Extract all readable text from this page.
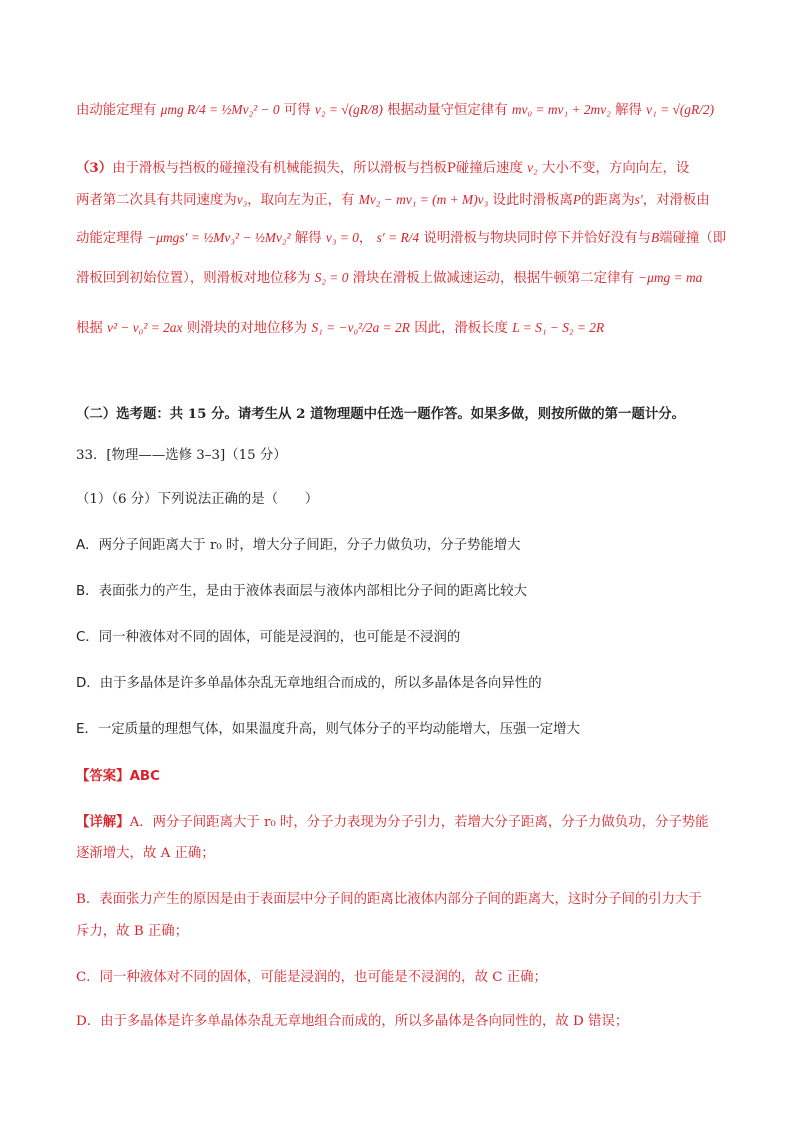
由动能定理有 μmg R/4 = ½Mv₂² − 0 可得 v₂ = √(gR/8) 根据动量守恒定律有 mv₀ = mv₁ + 2mv₂ 解得 v₁ = √(gR/2)
（3）由于滑板与挡板的碰撞没有机械能损失，所以滑板与挡板P碰撞后速度 v₂ 大小不变，方向向左，设
两者第二次具有共同速度为v₃，取向左为正，有 Mv₂ − mv₁ = (m + M)v₃ 设此时滑板离P的距离为s′，对滑板由
动能定理得 −μmgs′ = ½Mv₃² − ½Mv₂² 解得 v₃ = 0， s′ = R/4 说明滑板与物块同时停下并恰好没有与B端碰撞（即
滑板回到初始位置），则滑板对地位移为 S₂ = 0 滑块在滑板上做减速运动，根据牛顿第二定律有 −μmg = ma
根据 v² − v₀² = 2ax 则滑块的对地位移为 S₁ = −v₀²/2a = 2R 因此，滑板长度 L = S₁ − S₂ = 2R
（二）选考题：共 15 分。请考生从 2 道物理题中任选一题作答。如果多做，则按所做的第一题计分。
33．[物理——选修 3–3]（15 分）
（1）（6 分）下列说法正确的是（　　）
A．两分子间距离大于 r₀ 时，增大分子间距，分子力做负功，分子势能增大
B．表面张力的产生，是由于液体表面层与液体内部相比分子间的距离比较大
C．同一种液体对不同的固体，可能是浸润的，也可能是不浸润的
D．由于多晶体是许多单晶体杂乱无章地组合而成的，所以多晶体是各向异性的
E．一定质量的理想气体，如果温度升高，则气体分子的平均动能增大，压强一定增大
【答案】ABC
【详解】A．两分子间距离大于 r₀ 时，分子力表现为分子引力，若增大分子距离，分子力做负功，分子势能
逐渐增大，故 A 正确；
B．表面张力产生的原因是由于表面层中分子间的距离比液体内部分子间的距离大，这时分子间的引力大于
斥力，故 B 正确；
C．同一种液体对不同的固体，可能是浸润的，也可能是不浸润的，故 C 正确；
D．由于多晶体是许多单晶体杂乱无章地组合而成的，所以多晶体是各向同性的，故 D 错误；
